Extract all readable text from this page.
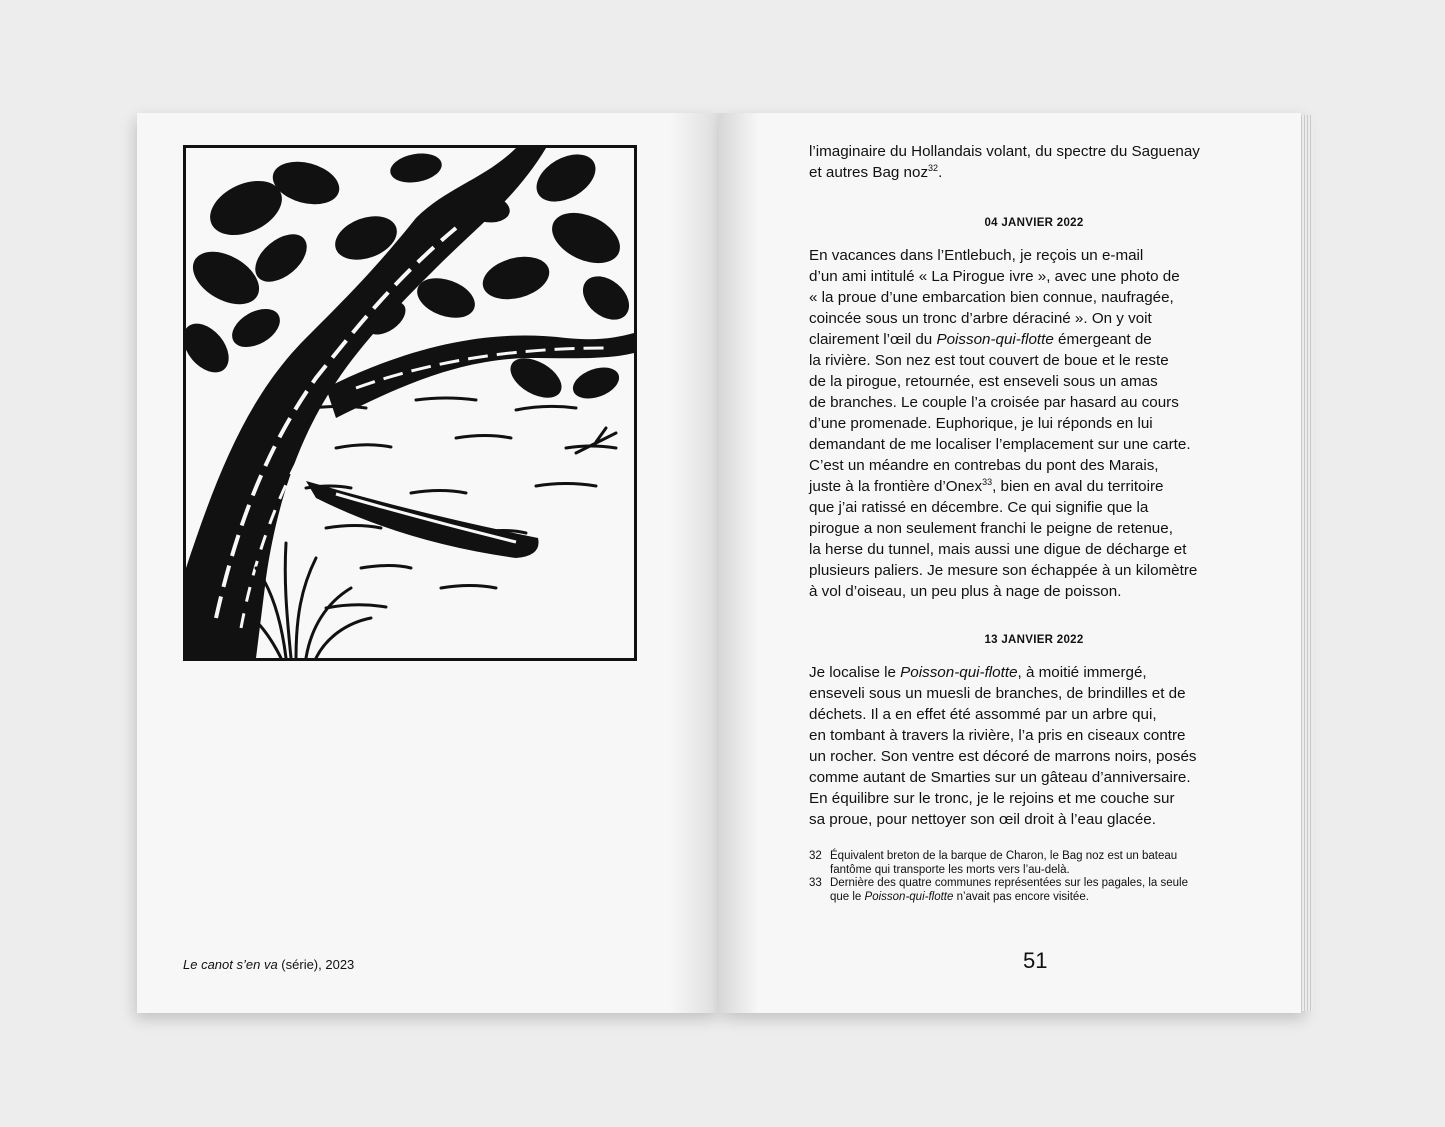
Le canot s’en va (série), 2023

l’imaginaire du Hollandais volant, du spectre du Saguenay

et autres Bag noz$^{32}$.

04 JANVIER 2022

En vacances dans l’Entlebuch, je reçois un e-mail

d’un ami intitulé « La Pirogue ivre », avec une photo de

« la proue d’une embarcation bien connue, naufragée,

coincée sous un tronc d’arbre déraciné ». On y voit

clairement l’œil du Poisson-qui-flotte émergeant de

la rivière. Son nez est tout couvert de boue et le reste

de la pirogue, retournée, est enseveli sous un amas

de branches. Le couple l’a croisée par hasard au cours

d’une promenade. Euphorique, je lui réponds en lui

demandant de me localiser l’emplacement sur une carte.

C’est un méandre en contrebas du pont des Marais,

juste à la frontière d’Onex$^{33}$, bien en aval du territoire

que j’ai ratissé en décembre. Ce qui signifie que la

pirogue a non seulement franchi le peigne de retenue,

la herse du tunnel, mais aussi une digue de décharge et

plusieurs paliers. Je mesure son échappée à un kilomètre

à vol d’oiseau, un peu plus à nage de poisson.

13 JANVIER 2022

Je localise le Poisson-qui-flotte, à moitié immergé,

enseveli sous un muesli de branches, de brindilles et de

déchets. Il a en effet été assommé par un arbre qui,

en tombant à travers la rivière, l’a pris en ciseaux contre

un rocher. Son ventre est décoré de marrons noirs, posés

comme autant de Smarties sur un gâteau d’anniversaire.

En équilibre sur le tronc, je le rejoins et me couche sur

sa proue, pour nettoyer son œil droit à l’eau glacée.

32 Équivalent breton de la barque de Charon, le Bag noz est un bateau
fantôme qui transporte les morts vers l’au-delà.
33 Dernière des quatre communes représentées sur les pagales, la seule
que le Poisson-qui-flotte n’avait pas encore visitée.
51
